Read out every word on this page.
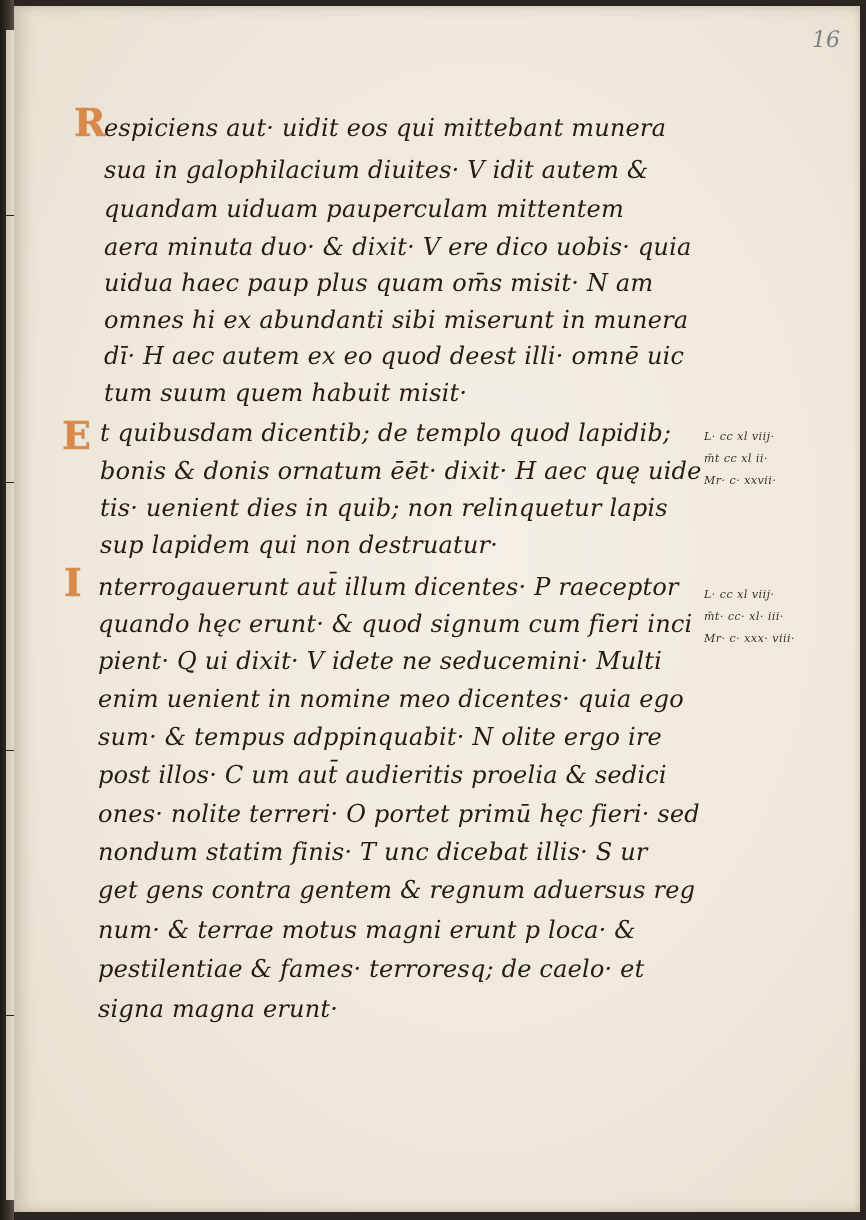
16
R
E
I
espiciens aut· uidit eos qui mittebant munera
sua in galophilacium diuites· V idit autem &
quandam uiduam pauperculam mittentem
aera minuta duo· & dixit· V ere dico uobis· quia
uidua haec paup plus quam om̄s misit· N am
omnes hi ex abundanti sibi miserunt in munera
dī· H aec autem ex eo quod deest illi· omnē uic
tum suum quem habuit misit·
t quibusdam dicentib; de templo quod lapidib;
bonis & donis ornatum ēēt· dixit· H aec quę uide
tis· uenient dies in quib; non relinquetur lapis
sup lapidem qui non destruatur·
nterrogauerunt aut̄ illum dicentes· P raeceptor
quando hęc erunt· & quod signum cum fieri inci
pient· Q ui dixit· V idete ne seducemini· Multi
enim uenient in nomine meo dicentes· quia ego
sum· & tempus adppinquabit· N olite ergo ire
post illos· C um aut̄ audieritis proelia & sedici
ones· nolite terreri· O portet primū hęc fieri· sed
nondum statim finis· T unc dicebat illis· S ur
get gens contra gentem & regnum aduersus reg
num· & terrae motus magni erunt p loca· &
pestilentiae & fames· terroresq; de caelo· et
signa magna erunt·
L· cc xl viij·
m̄t cc xl ii·
Mr· c· xxvii·
L· cc xl viij·
m̄t· cc· xl· iii·
Mr· c· xxx· viii·
